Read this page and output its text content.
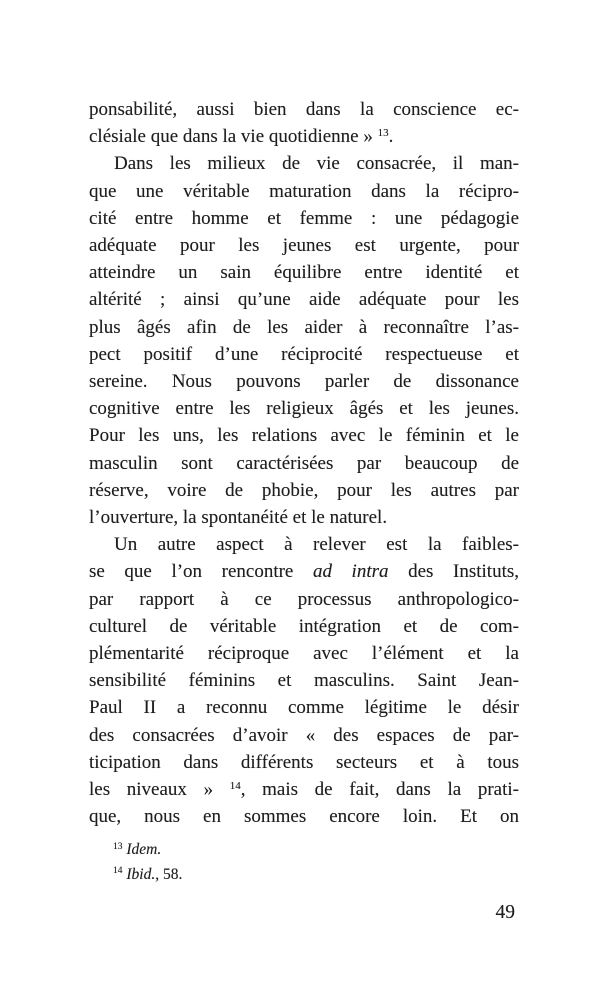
ponsabilité, aussi bien dans la conscience ec-
clésiale que dans la vie quotidienne » $^{13}$.
Dans les milieux de vie consacrée, il man-
que une véritable maturation dans la récipro-
cité entre homme et femme : une pédagogie
adéquate pour les jeunes est urgente, pour
atteindre un sain équilibre entre identité et
altérité ; ainsi qu’une aide adéquate pour les
plus âgés afin de les aider à reconnaître l’as-
pect positif d’une réciprocité respectueuse et
sereine. Nous pouvons parler de dissonance
cognitive entre les religieux âgés et les jeunes.
Pour les uns, les relations avec le féminin et le
masculin sont caractérisées par beaucoup de
réserve, voire de phobie, pour les autres par
l’ouverture, la spontanéité et le naturel.
Un autre aspect à relever est la faibles-
se que l’on rencontre ad intra des Instituts,
par rapport à ce processus anthropologico-
culturel de véritable intégration et de com-
plémentarité réciproque avec l’élément et la
sensibilité féminins et masculins. Saint Jean-
Paul II a reconnu comme légitime le désir
des consacrées d’avoir « des espaces de par-
ticipation dans différents secteurs et à tous
les niveaux » $^{14}$, mais de fait, dans la prati-
que, nous en sommes encore loin. Et on
$^{13}$ Idem.
$^{14}$ Ibid., 58.
49
